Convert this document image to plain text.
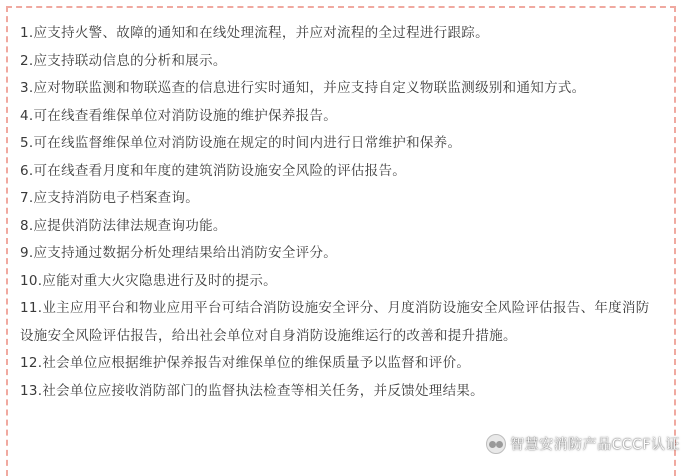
1.应支持火警、故障的通知和在线处理流程，并应对流程的全过程进行跟踪。
2.应支持联动信息的分析和展示。
3.应对物联监测和物联巡查的信息进行实时通知，并应支持自定义物联监测级别和通知方式。
4.可在线查看维保单位对消防设施的维护保养报告。
5.可在线监督维保单位对消防设施在规定的时间内进行日常维护和保养。
6.可在线查看月度和年度的建筑消防设施安全风险的评估报告。
7.应支持消防电子档案查询。
8.应提供消防法律法规查询功能。
9.应支持通过数据分析处理结果给出消防安全评分。
10.应能对重大火灾隐患进行及时的提示。
11.业主应用平台和物业应用平台可结合消防设施安全评分、月度消防设施安全风险评估报告、年度消防设施安全风险评估报告，给出社会单位对自身消防设施维运行的改善和提升措施。
12.社会单位应根据维护保养报告对维保单位的维保质量予以监督和评价。
13.社会单位应接收消防部门的监督执法检查等相关任务，并反馈处理结果。
智慧安消防产品CCCF认证
